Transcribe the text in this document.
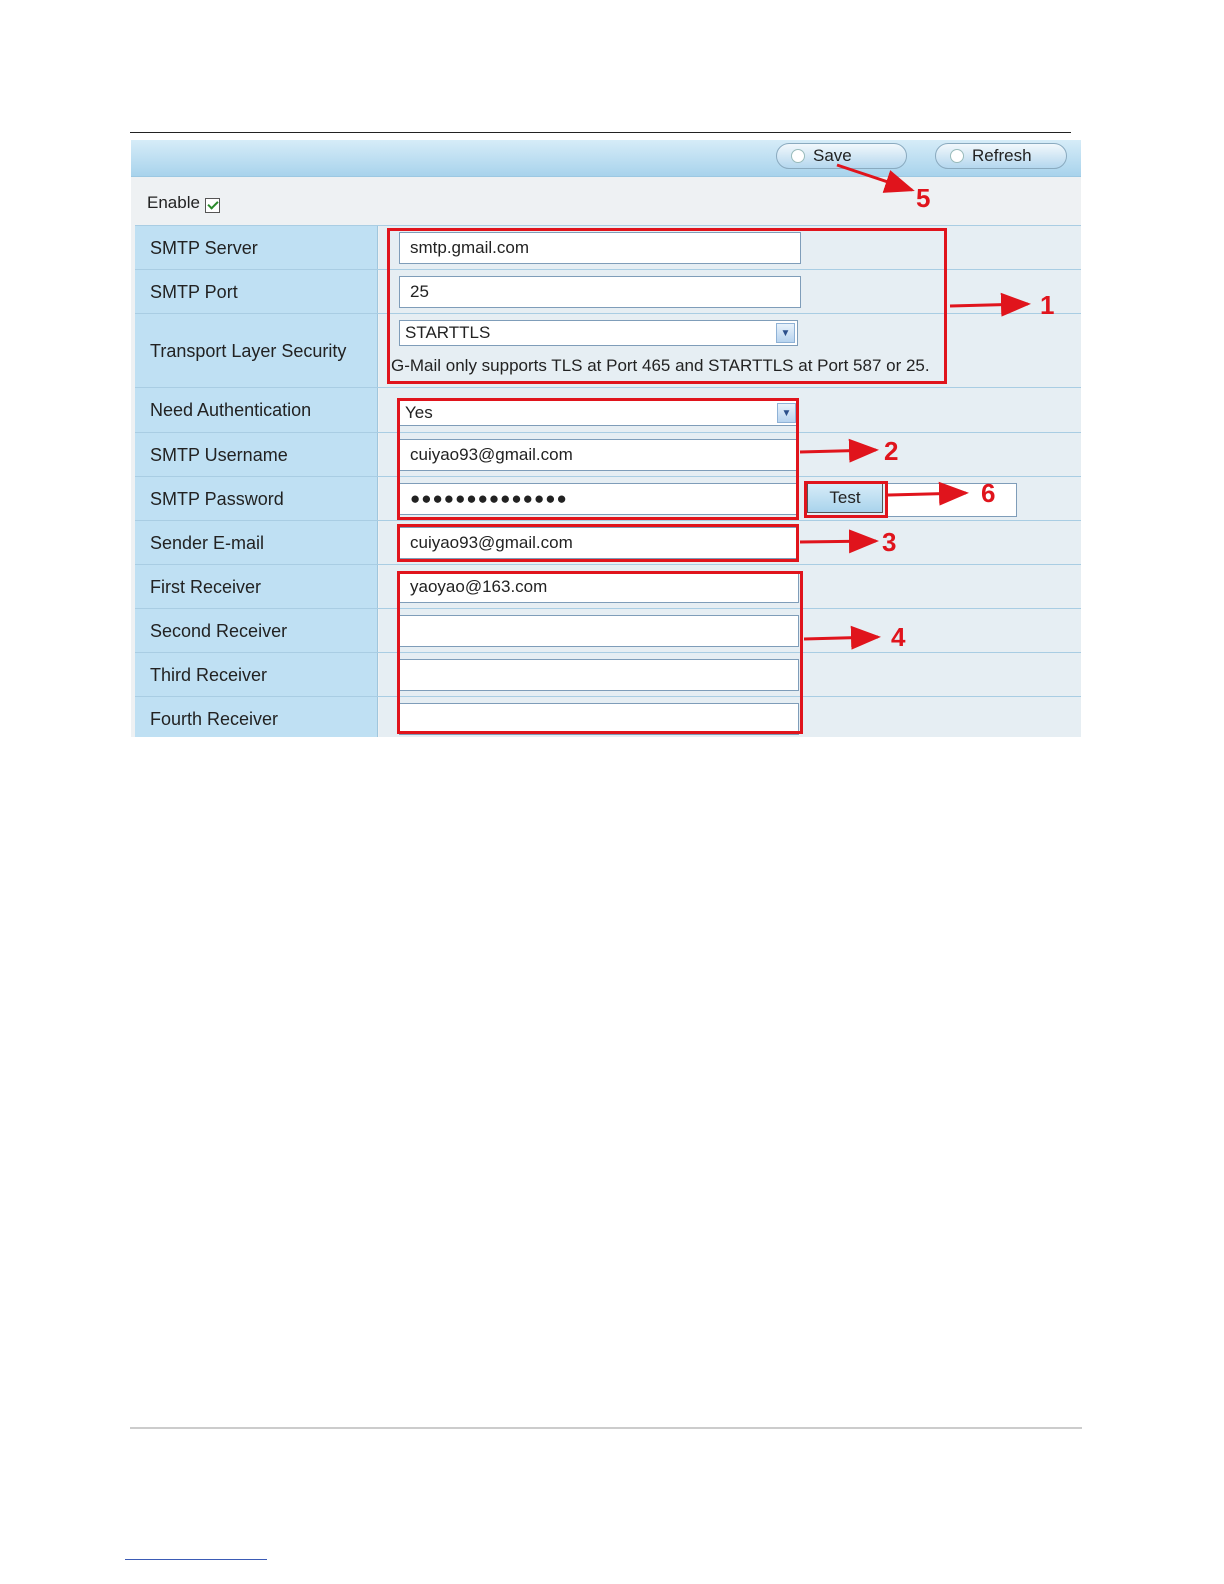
Save	Refresh
Enable
SMTP Server	smtp.gmail.com
SMTP Port	25
Transport Layer Security
STARTTLS	▼
G-Mail only supports TLS at Port 465 and STARTTLS at Port 587 or 25.
Need Authentication	Yes	▼
SMTP Username	cuiyao93@gmail.com
SMTP Password	●●●●●●●●●●●●●●	Test
Sender E-mail	cuiyao93@gmail.com
First Receiver	yaoyao@163.com
Second Receiver
Third Receiver
Fourth Receiver
5
1
2
6
3
4
